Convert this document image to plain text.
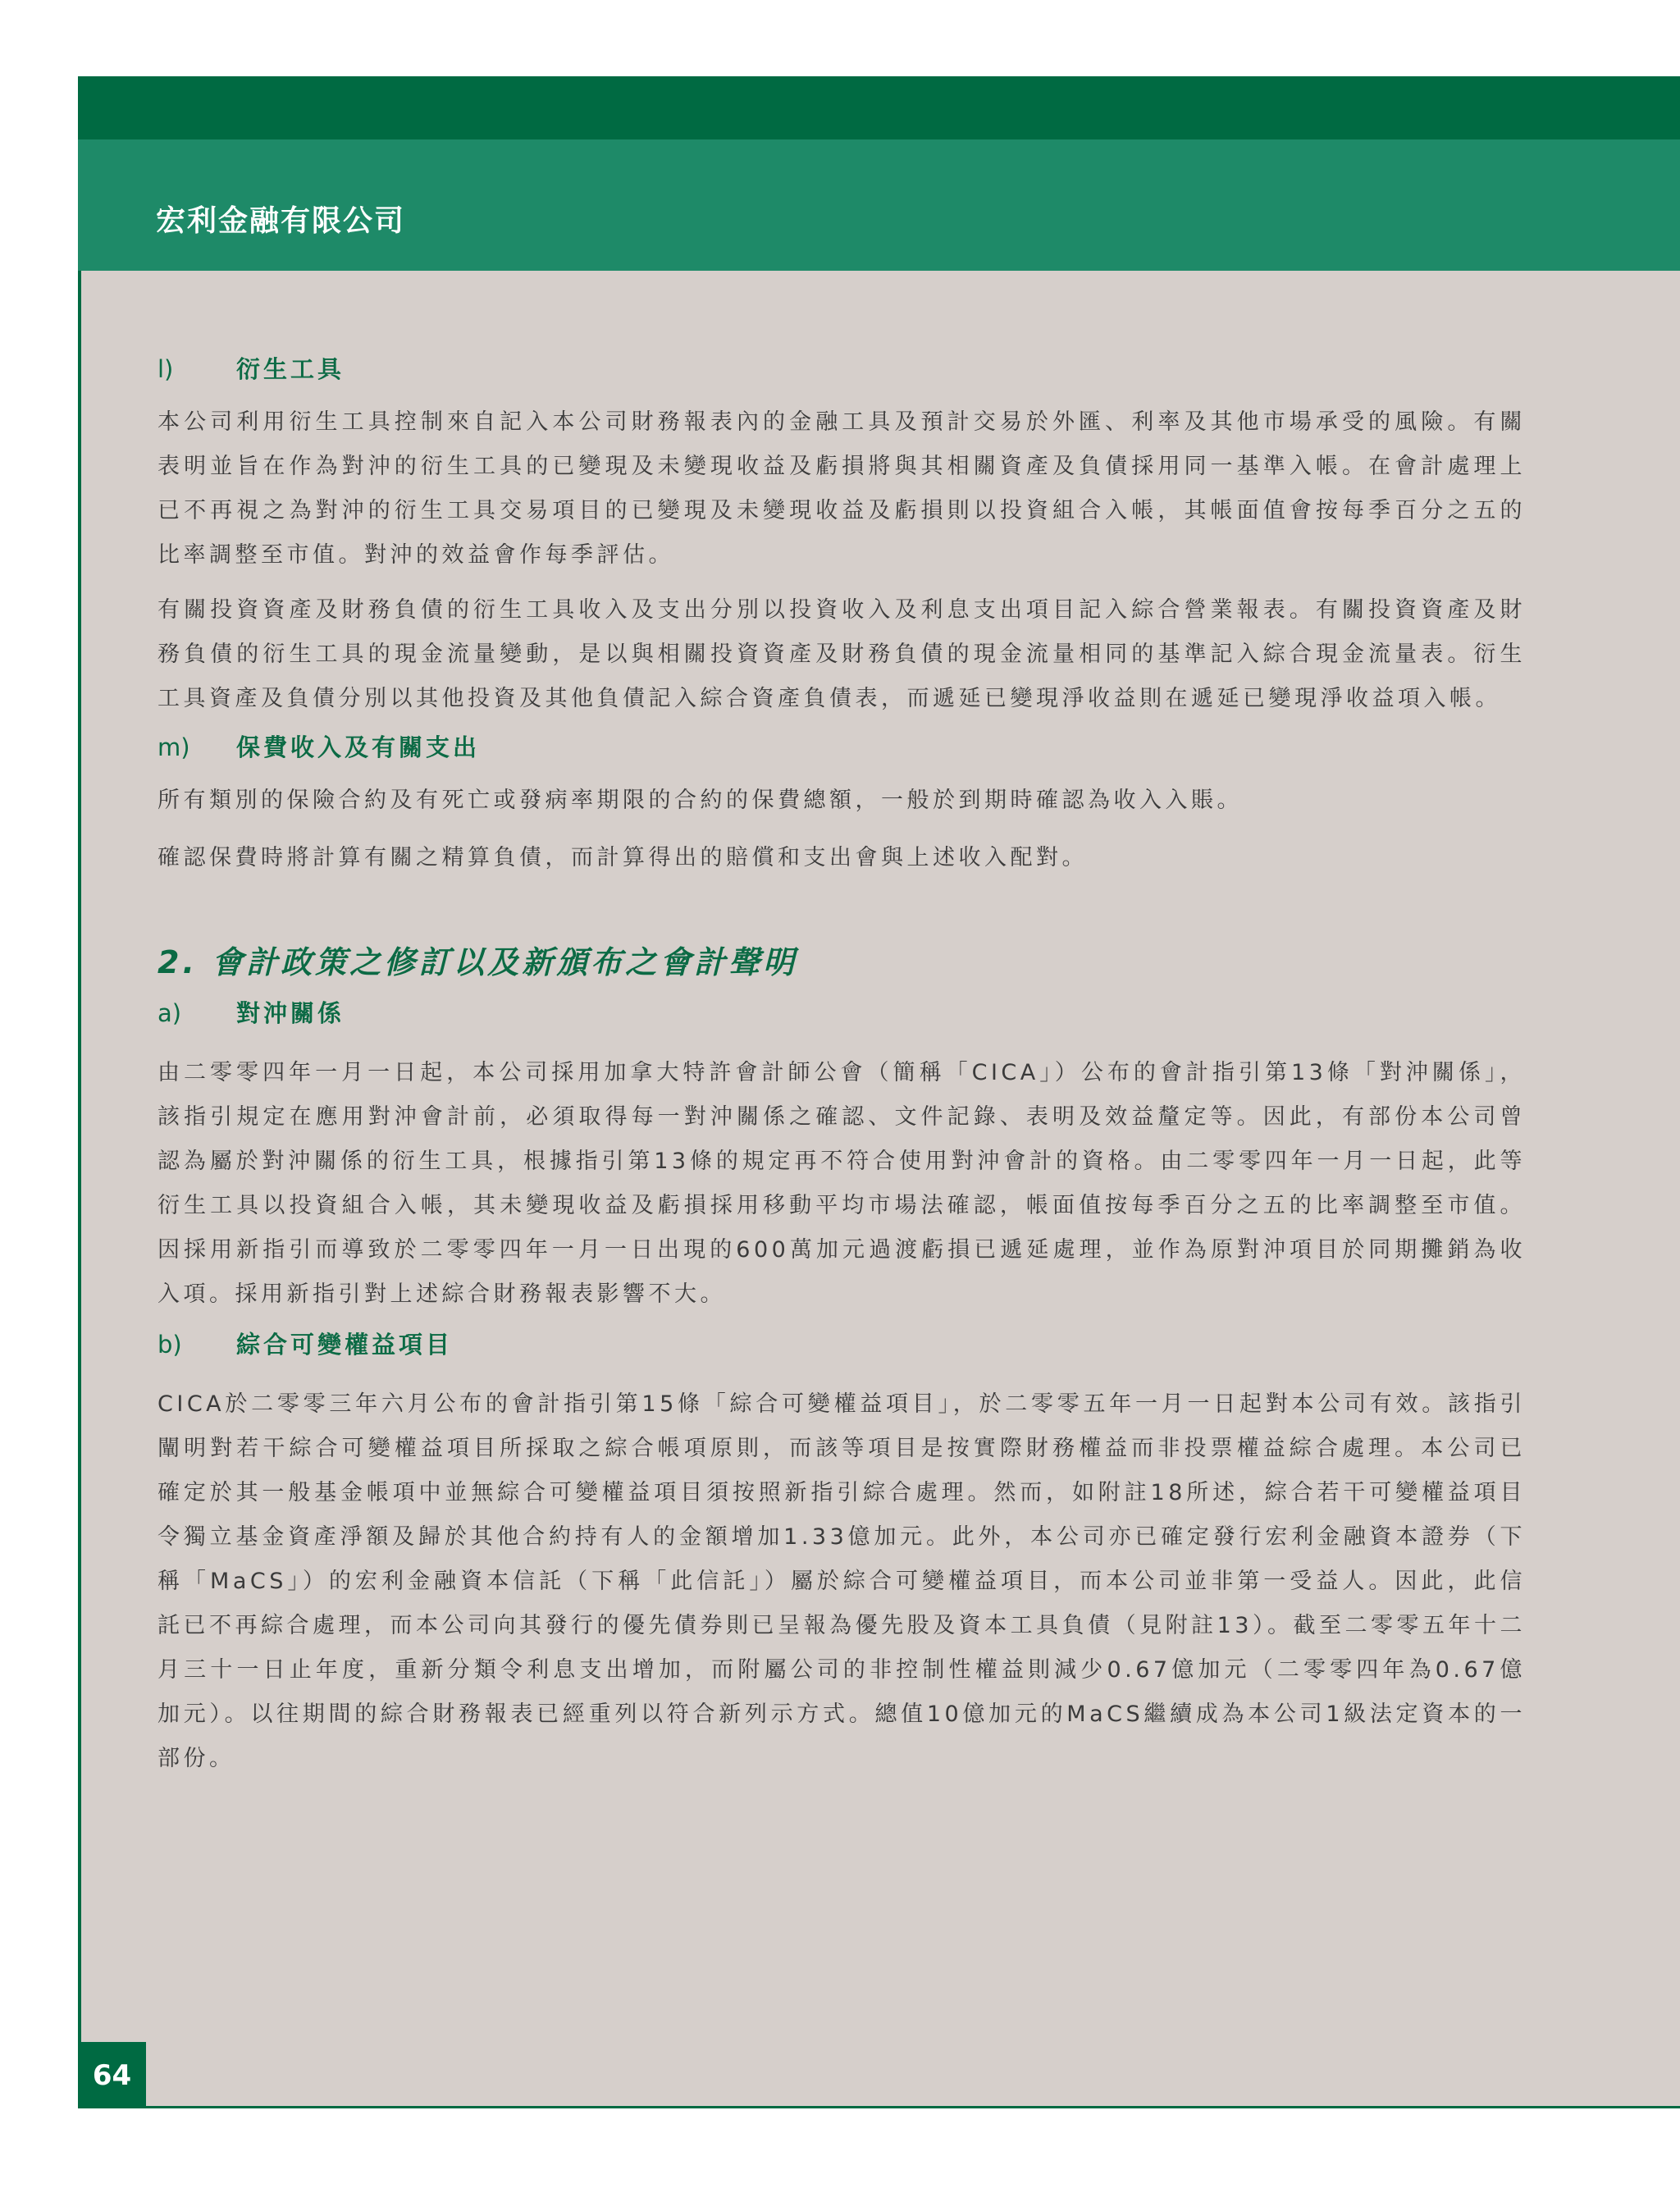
宏利金融有限公司
64
l)	衍生工具

本公司利用衍生工具控制來自記入本公司財務報表內的金融工具及預計交易於外匯、利率及其他市場承受的風險。有關表明並旨在作為對沖的衍生工具的已變現及未變現收益及虧損將與其相關資產及負債採用同一基準入帳。在會計處理上已不再視之為對沖的衍生工具交易項目的已變現及未變現收益及虧損則以投資組合入帳，其帳面值會按每季百分之五的比率調整至市值。對沖的效益會作每季評估。

有關投資資產及財務負債的衍生工具收入及支出分別以投資收入及利息支出項目記入綜合營業報表。有關投資資產及財務負債的衍生工具的現金流量變動，是以與相關投資資產及財務負債的現金流量相同的基準記入綜合現金流量表。衍生工具資產及負債分別以其他投資及其他負債記入綜合資產負債表，而遞延已變現淨收益則在遞延已變現淨收益項入帳。

m)	保費收入及有關支出

所有類別的保險合約及有死亡或發病率期限的合約的保費總額，一般於到期時確認為收入入賬。

確認保費時將計算有關之精算負債，而計算得出的賠償和支出會與上述收入配對。

2. 會計政策之修訂以及新頒布之會計聲明
a)	對沖關係

由二零零四年一月一日起，本公司採用加拿大特許會計師公會（簡稱「CICA」）公布的會計指引第13條「對沖關係」，該指引規定在應用對沖會計前，必須取得每一對沖關係之確認、文件記錄、表明及效益釐定等。因此，有部份本公司曾認為屬於對沖關係的衍生工具，根據指引第13條的規定再不符合使用對沖會計的資格。由二零零四年一月一日起，此等衍生工具以投資組合入帳，其未變現收益及虧損採用移動平均市場法確認，帳面值按每季百分之五的比率調整至市值。因採用新指引而導致於二零零四年一月一日出現的600萬加元過渡虧損已遞延處理，並作為原對沖項目於同期攤銷為收入項。採用新指引對上述綜合財務報表影響不大。

b)	綜合可變權益項目

CICA於二零零三年六月公布的會計指引第15條「綜合可變權益項目」，於二零零五年一月一日起對本公司有效。該指引闡明對若干綜合可變權益項目所採取之綜合帳項原則，而該等項目是按實際財務權益而非投票權益綜合處理。本公司已確定於其一般基金帳項中並無綜合可變權益項目須按照新指引綜合處理。然而，如附註18所述，綜合若干可變權益項目令獨立基金資產淨額及歸於其他合約持有人的金額增加1.33億加元。此外，本公司亦已確定發行宏利金融資本證券（下稱「MaCS」）的宏利金融資本信託（下稱「此信託」）屬於綜合可變權益項目，而本公司並非第一受益人。因此，此信託已不再綜合處理，而本公司向其發行的優先債券則已呈報為優先股及資本工具負債（見附註13）。截至二零零五年十二月三十一日止年度，重新分類令利息支出增加，而附屬公司的非控制性權益則減少0.67億加元（二零零四年為0.67億加元）。以往期間的綜合財務報表已經重列以符合新列示方式。總值10億加元的MaCS繼續成為本公司1級法定資本的一部份。
